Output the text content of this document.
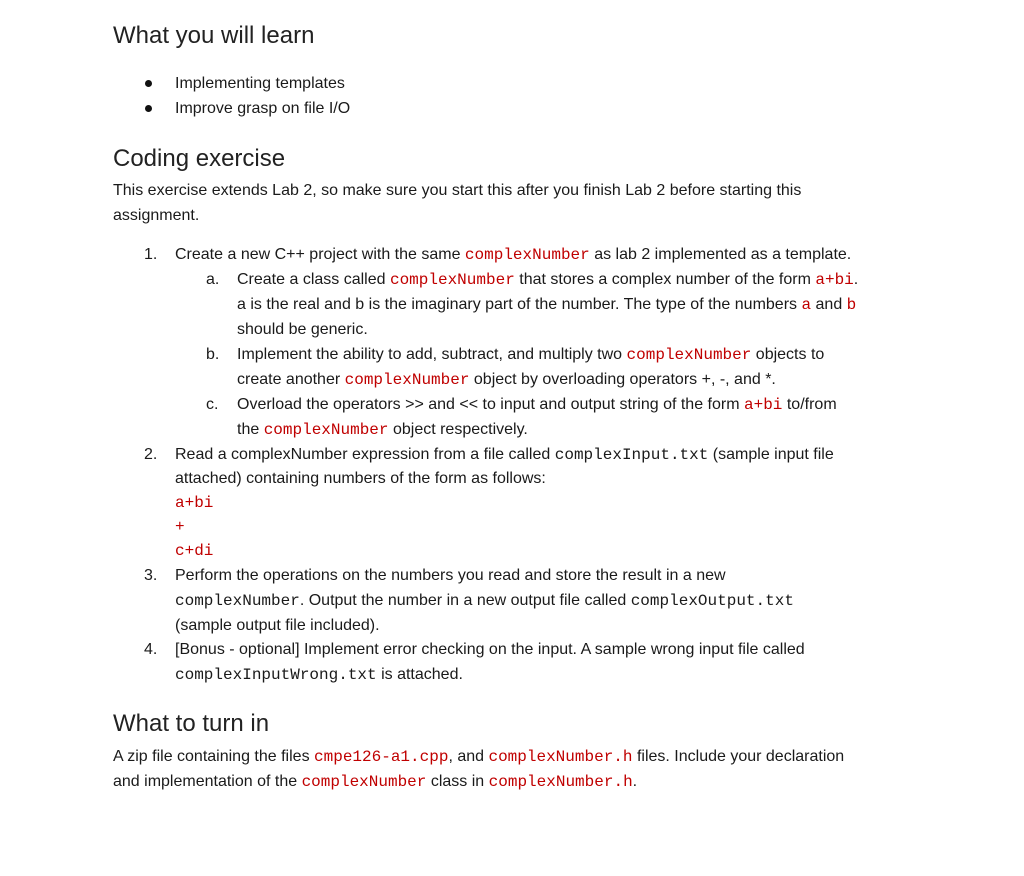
What you will learn
Implementing templates
Improve grasp on file I/O
Coding exercise
This exercise extends Lab 2, so make sure you start this after you finish Lab 2 before starting this
assignment.
1. Create a new C++ project with the same complexNumber as lab 2 implemented as a template.
a. Create a class called complexNumber that stores a complex number of the form a+bi.
a is the real and b is the imaginary part of the number. The type of the numbers a and b
should be generic.
b. Implement the ability to add, subtract, and multiply two complexNumber objects to
create another complexNumber object by overloading operators +, -, and *.
c. Overload the operators >> and << to input and output string of the form a+bi to/from
the complexNumber object respectively.
2. Read a complexNumber expression from a file called complexInput.txt (sample input file
attached) containing numbers of the form as follows:
a+bi
+
c+di
3. Perform the operations on the numbers you read and store the result in a new
complexNumber. Output the number in a new output file called complexOutput.txt
(sample output file included).
4. [Bonus - optional] Implement error checking on the input. A sample wrong input file called
complexInputWrong.txt is attached.
What to turn in
A zip file containing the files cmpe126-a1.cpp, and complexNumber.h files. Include your declaration
and implementation of the complexNumber class in complexNumber.h.
